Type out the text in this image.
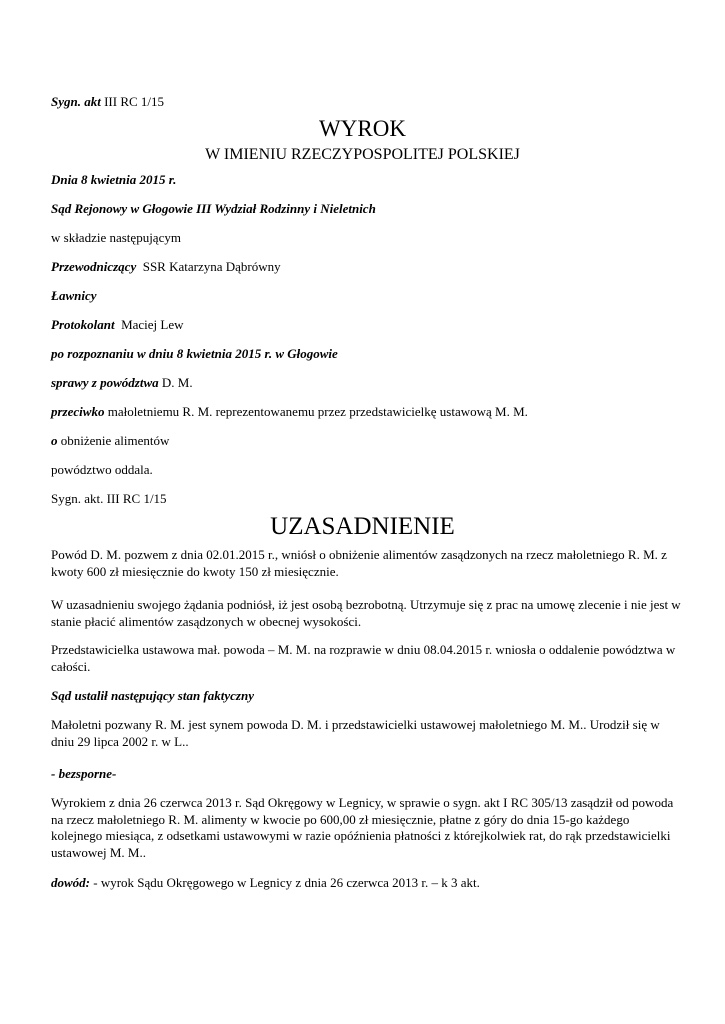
Sygn. akt III RC 1/15
WYROK
W IMIENIU RZECZYPOSPOLITEJ POLSKIEJ
Dnia 8 kwietnia 2015 r.
Sąd Rejonowy w Głogowie III Wydział Rodzinny i Nieletnich
w składzie następującym
Przewodniczący SSR Katarzyna Dąbrówny
Ławnicy
Protokolant Maciej Lew
po rozpoznaniu w dniu 8 kwietnia 2015 r. w Głogowie
sprawy z powództwa D. M.
przeciwko małoletniemu R. M. reprezentowanemu przez przedstawicielkę ustawową M. M.
o obniżenie alimentów
powództwo oddala.
Sygn. akt. III RC 1/15
UZASADNIENIE
Powód D. M. pozwem z dnia 02.01.2015 r., wniósł o obniżenie alimentów zasądzonych na rzecz małoletniego R. M. z kwoty 600 zł miesięcznie do kwoty 150 zł miesięcznie.
W uzasadnieniu swojego żądania podniósł, iż jest osobą bezrobotną. Utrzymuje się z prac na umowę zlecenie i nie jest w stanie płacić alimentów zasądzonych w obecnej wysokości.
Przedstawicielka ustawowa mał. powoda – M. M. na rozprawie w dniu 08.04.2015 r. wniosła o oddalenie powództwa w całości.
Sąd ustalił następujący stan faktyczny
Małoletni pozwany R. M. jest synem powoda D. M. i przedstawicielki ustawowej małoletniego M. M.. Urodził się w dniu 29 lipca 2002 r. w L..
- bezsporne-
Wyrokiem z dnia 26 czerwca 2013 r. Sąd Okręgowy w Legnicy, w sprawie o sygn. akt I RC 305/13 zasądził od powoda na rzecz małoletniego R. M. alimenty w kwocie po 600,00 zł miesięcznie, płatne z góry do dnia 15-go każdego kolejnego miesiąca, z odsetkami ustawowymi w razie opóźnienia płatności z którejkolwiek rat, do rąk przedstawicielki ustawowej M. M..
dowód: - wyrok Sądu Okręgowego w Legnicy z dnia 26 czerwca 2013 r. – k 3 akt.
